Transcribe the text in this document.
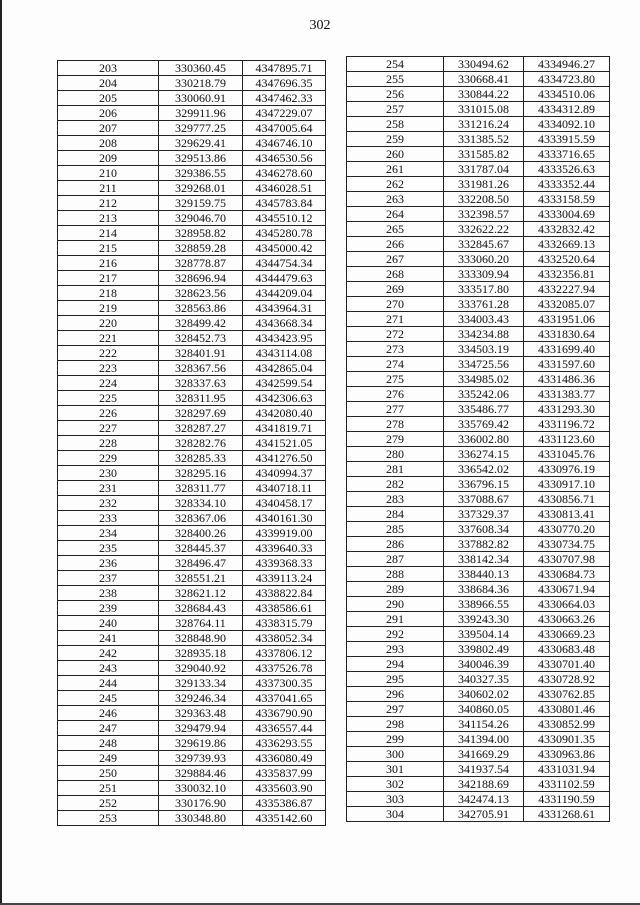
302
203	330360.45	4347895.71
204	330218.79	4347696.35
205	330060.91	4347462.33
206	329911.96	4347229.07
207	329777.25	4347005.64
208	329629.41	4346746.10
209	329513.86	4346530.56
210	329386.55	4346278.60
211	329268.01	4346028.51
212	329159.75	4345783.84
213	329046.70	4345510.12
214	328958.82	4345280.78
215	328859.28	4345000.42
216	328778.87	4344754.34
217	328696.94	4344479.63
218	328623.56	4344209.04
219	328563.86	4343964.31
220	328499.42	4343668.34
221	328452.73	4343423.95
222	328401.91	4343114.08
223	328367.56	4342865.04
224	328337.63	4342599.54
225	328311.95	4342306.63
226	328297.69	4342080.40
227	328287.27	4341819.71
228	328282.76	4341521.05
229	328285.33	4341276.50
230	328295.16	4340994.37
231	328311.77	4340718.11
232	328334.10	4340458.17
233	328367.06	4340161.30
234	328400.26	4339919.00
235	328445.37	4339640.33
236	328496.47	4339368.33
237	328551.21	4339113.24
238	328621.12	4338822.84
239	328684.43	4338586.61
240	328764.11	4338315.79
241	328848.90	4338052.34
242	328935.18	4337806.12
243	329040.92	4337526.78
244	329133.34	4337300.35
245	329246.34	4337041.65
246	329363.48	4336790.90
247	329479.94	4336557.44
248	329619.86	4336293.55
249	329739.93	4336080.49
250	329884.46	4335837.99
251	330032.10	4335603.90
252	330176.90	4335386.87
253	330348.80	4335142.60
254	330494.62	4334946.27
255	330668.41	4334723.80
256	330844.22	4334510.06
257	331015.08	4334312.89
258	331216.24	4334092.10
259	331385.52	4333915.59
260	331585.82	4333716.65
261	331787.04	4333526.63
262	331981.26	4333352.44
263	332208.50	4333158.59
264	332398.57	4333004.69
265	332622.22	4332832.42
266	332845.67	4332669.13
267	333060.20	4332520.64
268	333309.94	4332356.81
269	333517.80	4332227.94
270	333761.28	4332085.07
271	334003.43	4331951.06
272	334234.88	4331830.64
273	334503.19	4331699.40
274	334725.56	4331597.60
275	334985.02	4331486.36
276	335242.06	4331383.77
277	335486.77	4331293.30
278	335769.42	4331196.72
279	336002.80	4331123.60
280	336274.15	4331045.76
281	336542.02	4330976.19
282	336796.15	4330917.10
283	337088.67	4330856.71
284	337329.37	4330813.41
285	337608.34	4330770.20
286	337882.82	4330734.75
287	338142.34	4330707.98
288	338440.13	4330684.73
289	338684.36	4330671.94
290	338966.55	4330664.03
291	339243.30	4330663.26
292	339504.14	4330669.23
293	339802.49	4330683.48
294	340046.39	4330701.40
295	340327.35	4330728.92
296	340602.02	4330762.85
297	340860.05	4330801.46
298	341154.26	4330852.99
299	341394.00	4330901.35
300	341669.29	4330963.86
301	341937.54	4331031.94
302	342188.69	4331102.59
303	342474.13	4331190.59
304	342705.91	4331268.61
